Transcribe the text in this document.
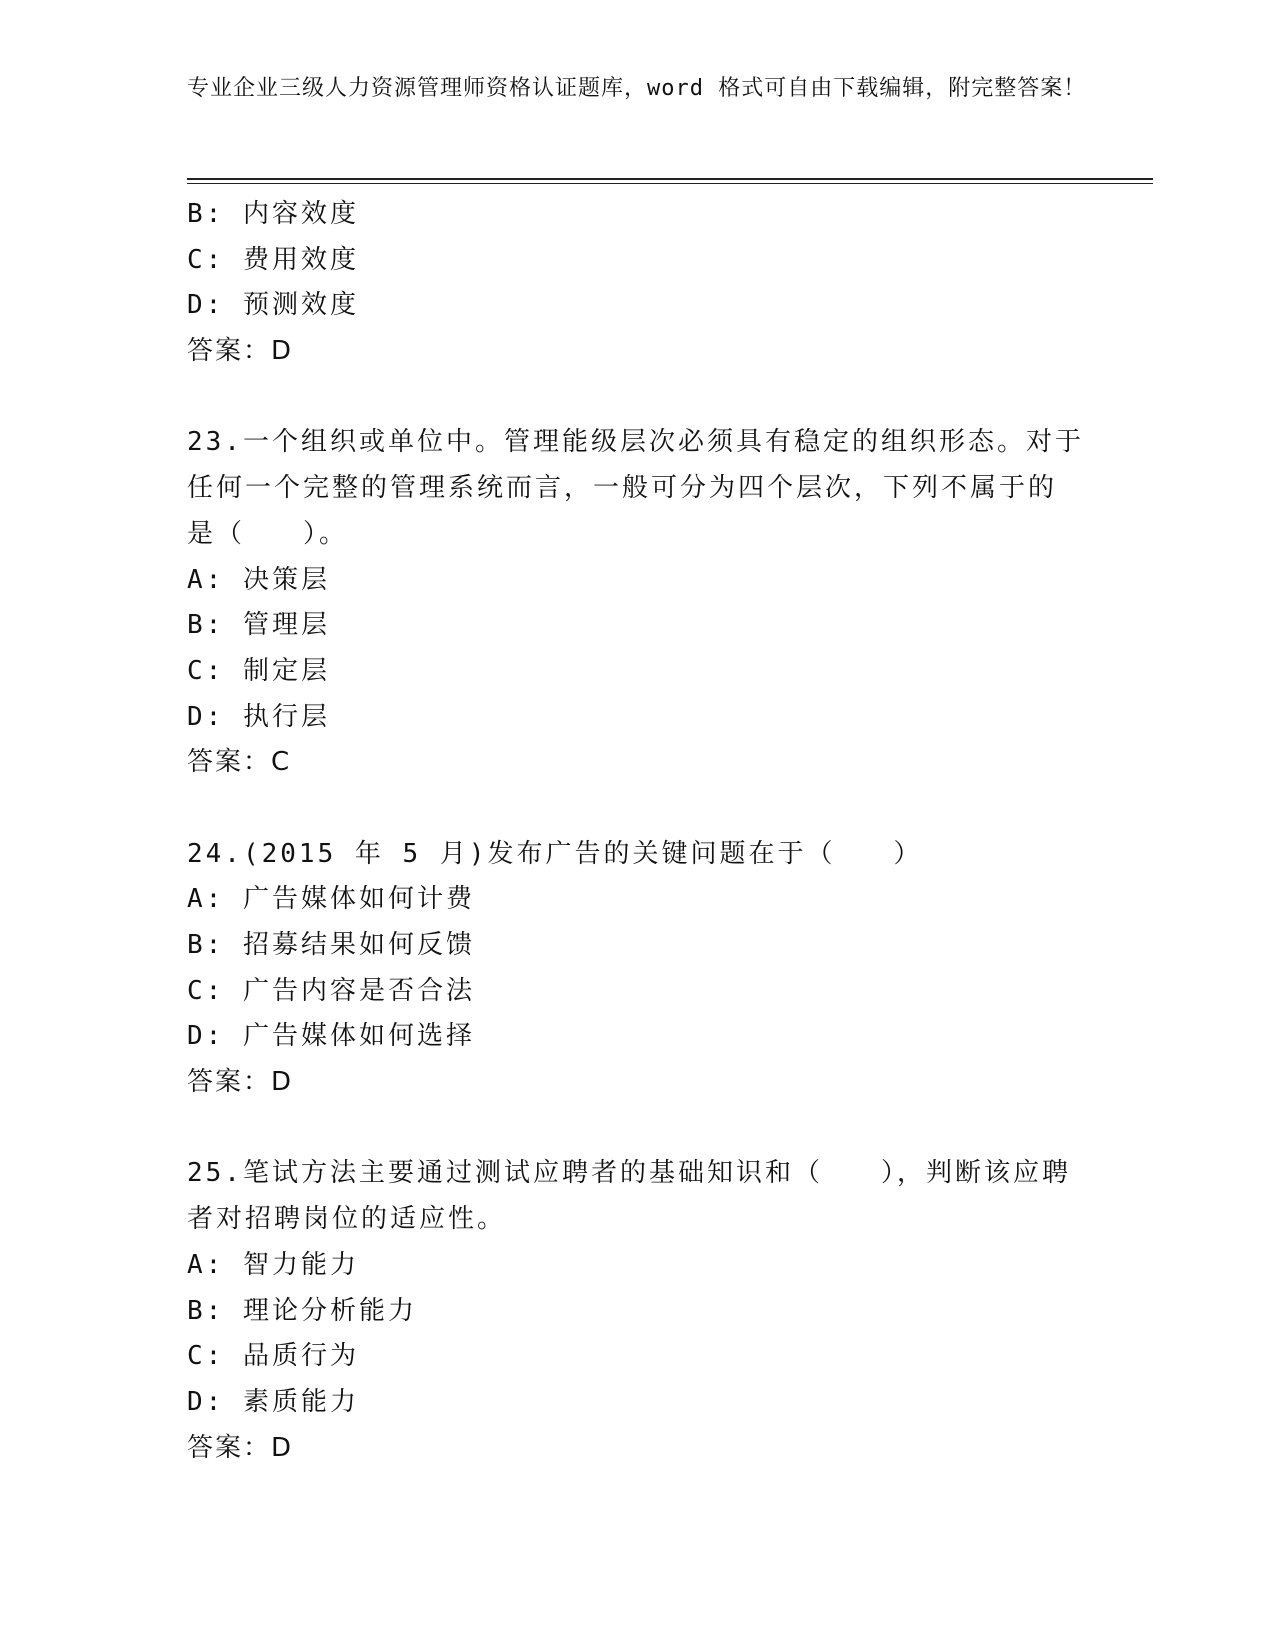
专业企业三级人力资源管理师资格认证题库，word 格式可自由下载编辑，附完整答案！
B: 内容效度
C: 费用效度
D: 预测效度
答案：D
23.一个组织或单位中。管理能级层次必须具有稳定的组织形态。对于
任何一个完整的管理系统而言，一般可分为四个层次，下列不属于的
是（　　）。
A: 决策层
B: 管理层
C: 制定层
D: 执行层
答案：C
24.(2015 年 5 月)发布广告的关键问题在于（　　）
A: 广告媒体如何计费
B: 招募结果如何反馈
C: 广告内容是否合法
D: 广告媒体如何选择
答案：D
25.笔试方法主要通过测试应聘者的基础知识和（　　），判断该应聘
者对招聘岗位的适应性。
A: 智力能力
B: 理论分析能力
C: 品质行为
D: 素质能力
答案：D
